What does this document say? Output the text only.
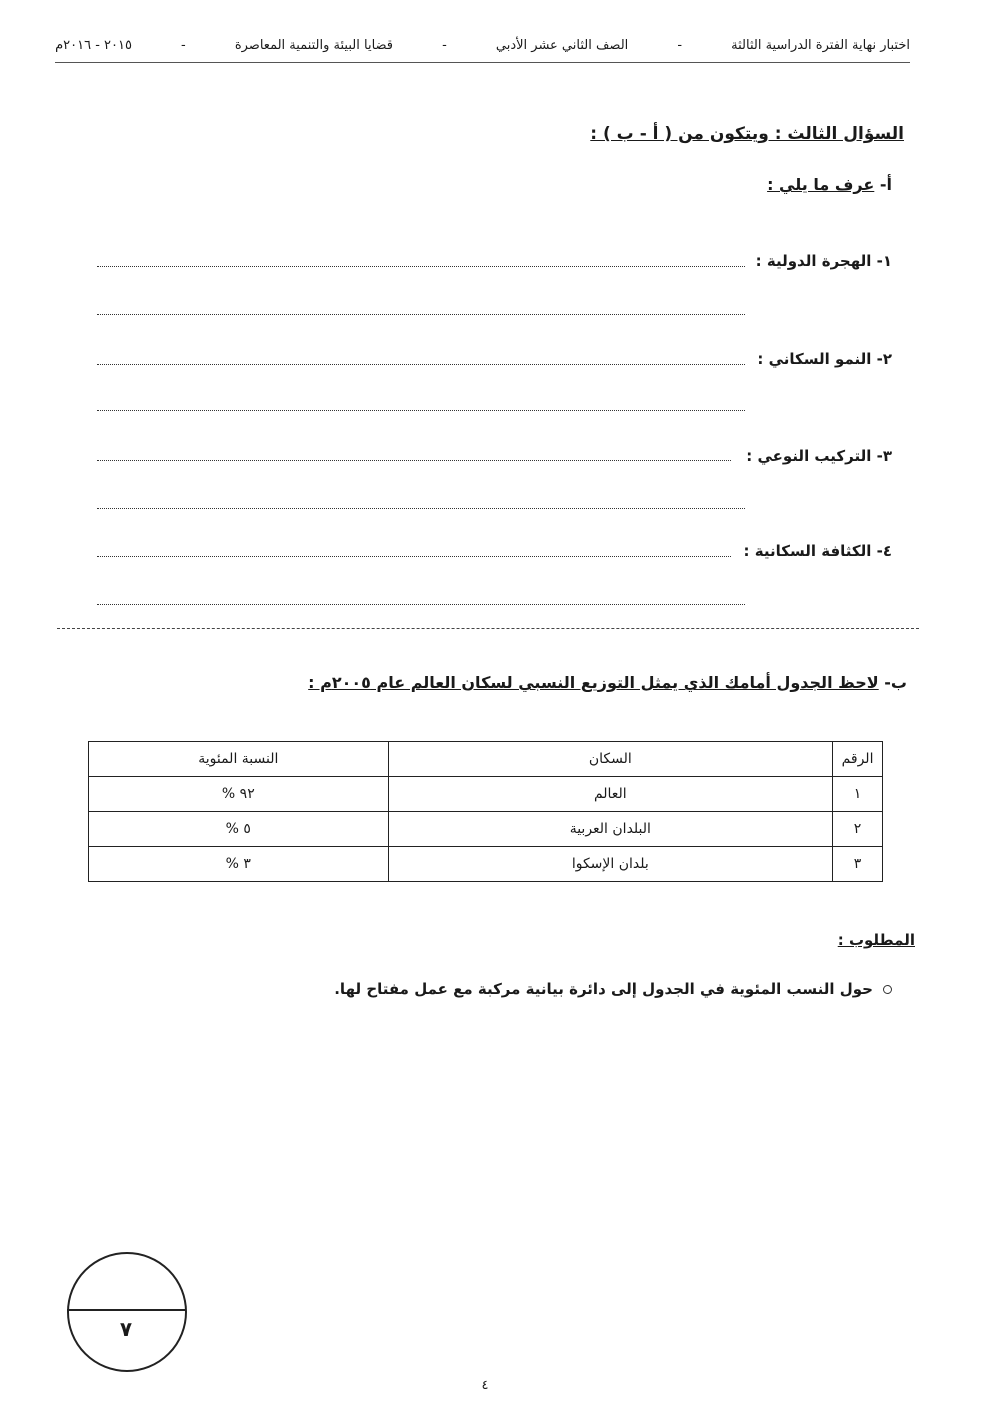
اختبار نهاية الفترة الدراسية الثالثة
-
الصف الثاني عشر الأدبي
-
قضايا البيئة والتنمية المعاصرة
-
٢٠١٥ - ٢٠١٦م
السؤال الثالث : ويتكون من ( أ - ب ) :
أ- عرف ما يلي :
١- الهجرة الدولية :
٢- النمو السكاني :
٣- التركيب النوعي :
٤- الكثافة السكانية :
ب- لاحظ الجدول أمامك الذي يمثل التوزيع النسبي لسكان العالم عام ٢٠٠٥م :
الرقم	السكان	النسبة المئوية
١	العالم	٩٢ %
٢	البلدان العربية	٥ %
٣	بلدان الإسكوا	٣ %
المطلوب :
حول النسب المئوية في الجدول إلى دائرة بيانية مركبة مع عمل مفتاح لها.
٧
٤
